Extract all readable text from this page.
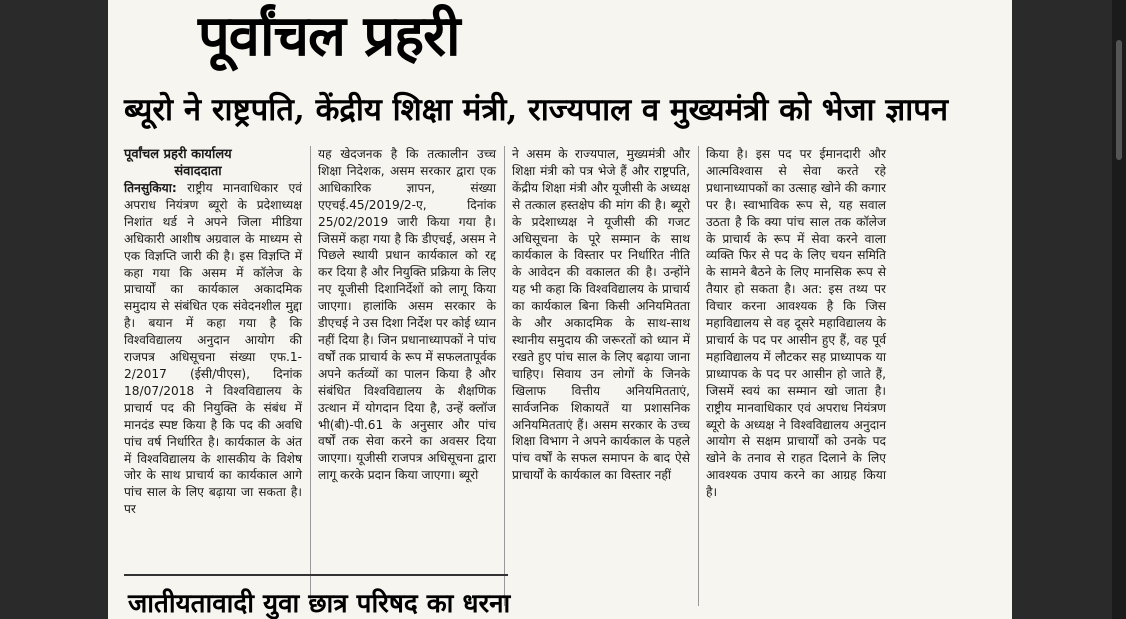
पूर्वांचल प्रहरी
ब्यूरो ने राष्ट्रपति, केंद्रीय शिक्षा मंत्री, राज्यपाल व मुख्यमंत्री को भेजा ज्ञापन
पूर्वांचल प्रहरी कार्यालय
संवाददाता

तिनसुकिया: राष्ट्रीय मानवाधिकार एवं अपराध नियंत्रण ब्यूरो के प्रदेशाध्यक्ष निशांत थर्ड ने अपने जिला मीडिया अधिकारी आशीष अग्रवाल के माध्यम से एक विज्ञप्ति जारी की है। इस विज्ञप्ति में कहा गया कि असम में कॉलेज के प्राचार्यों का कार्यकाल अकादमिक समुदाय से संबंधित एक संवेदनशील मुद्दा है। बयान में कहा गया है कि विश्वविद्यालय अनुदान आयोग की राजपत्र अधिसूचना संख्या एफ.1-2/2017 (ईसी/पीएस), दिनांक 18/07/2018 ने विश्वविद्यालय के प्राचार्य पद की नियुक्ति के संबंध में मानदंड स्पष्ट किया है कि पद की अवधि पांच वर्ष निर्धारित है। कार्यकाल के अंत में विश्वविद्यालय के शासकीय के विशेष जोर के साथ प्राचार्य का कार्यकाल आगे पांच साल के लिए बढ़ाया जा सकता है। पर

यह खेदजनक है कि तत्कालीन उच्च शिक्षा निदेशक, असम सरकार द्वारा एक आधिकारिक ज्ञापन, संख्या एएचई.45/2019/2-ए, दिनांक 25/02/2019 जारी किया गया है। जिसमें कहा गया है कि डीएचई, असम ने पिछले स्थायी प्रधान कार्यकाल को रद्द कर दिया है और नियुक्ति प्रक्रिया के लिए नए यूजीसी दिशानिर्देशों को लागू किया जाएगा। हालांकि असम सरकार के डीएचई ने उस दिशा निर्देश पर कोई ध्यान नहीं दिया है। जिन प्रधानाध्यापकों ने पांच वर्षों तक प्राचार्य के रूप में सफलतापूर्वक अपने कर्तव्यों का पालन किया है और संबंधित विश्वविद्यालय के शैक्षणिक उत्थान में योगदान दिया है, उन्हें क्लॉज भी(बी)-पी.61 के अनुसार और पांच वर्षों तक सेवा करने का अवसर दिया जाएगा। यूजीसी राजपत्र अधिसूचना द्वारा लागू करके प्रदान किया जाएगा। ब्यूरो

ने असम के राज्यपाल, मुख्यमंत्री और शिक्षा मंत्री को पत्र भेजे हैं और राष्ट्रपति, केंद्रीय शिक्षा मंत्री और यूजीसी के अध्यक्ष से तत्काल हस्तक्षेप की मांग की है। ब्यूरो के प्रदेशाध्यक्ष ने यूजीसी की गजट अधिसूचना के पूरे सम्मान के साथ कार्यकाल के विस्तार पर निर्धारित नीति के आवेदन की वकालत की है। उन्होंने यह भी कहा कि विश्वविद्यालय के प्राचार्य का कार्यकाल बिना किसी अनियमितता के और अकादमिक के साथ-साथ स्थानीय समुदाय की जरूरतों को ध्यान में रखते हुए पांच साल के लिए बढ़ाया जाना चाहिए। सिवाय उन लोगों के जिनके खिलाफ वित्तीय अनियमितताएं, सार्वजनिक शिकायतें या प्रशासनिक अनियमितताएं हैं। असम सरकार के उच्च शिक्षा विभाग ने अपने कार्यकाल के पहले पांच वर्षों के सफल समापन के बाद ऐसे प्राचार्यों के कार्यकाल का विस्तार नहीं

किया है। इस पद पर ईमानदारी और आत्मविश्वास से सेवा करते रहे प्रधानाध्यापकों का उत्साह खोने की कगार पर है। स्वाभाविक रूप से, यह सवाल उठता है कि क्या पांच साल तक कॉलेज के प्राचार्य के रूप में सेवा करने वाला व्यक्ति फिर से पद के लिए चयन समिति के सामने बैठने के लिए मानसिक रूप से तैयार हो सकता है। अत: इस तथ्य पर विचार करना आवश्यक है कि जिस महाविद्यालय से वह दूसरे महाविद्यालय के प्राचार्य के पद पर आसीन हुए हैं, वह पूर्व महाविद्यालय में लौटकर सह प्राध्यापक या प्राध्यापक के पद पर आसीन हो जाते हैं, जिसमें स्वयं का सम्मान खो जाता है। राष्ट्रीय मानवाधिकार एवं अपराध नियंत्रण ब्यूरो के अध्यक्ष ने विश्वविद्यालय अनुदान आयोग से सक्षम प्राचार्यों को उनके पद खोने के तनाव से राहत दिलाने के लिए आवश्यक उपाय करने का आग्रह किया है।

जातीयतावादी युवा छात्र परिषद का धरना
